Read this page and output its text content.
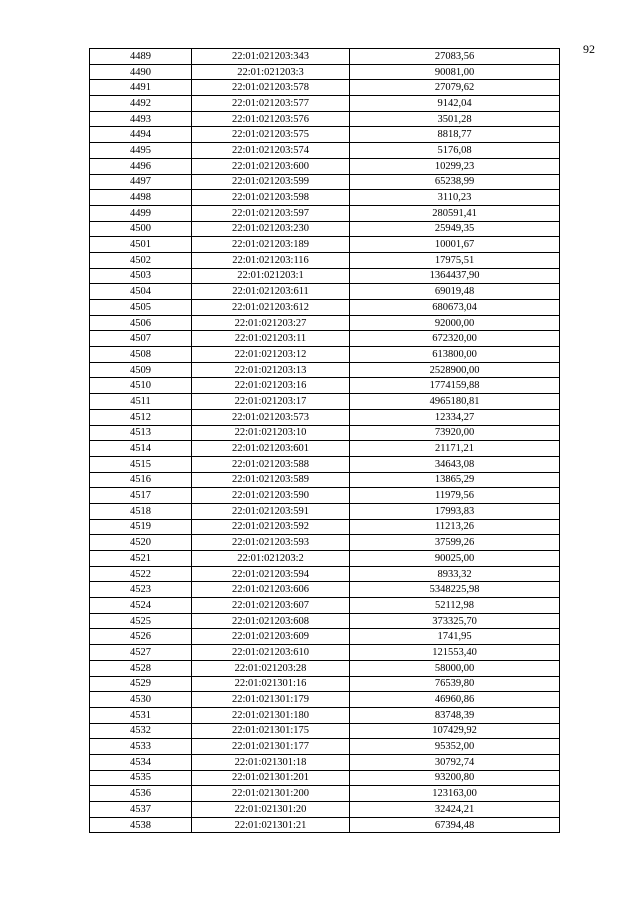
92
4489	22:01:021203:343	27083,56
4490	22:01:021203:3	90081,00
4491	22:01:021203:578	27079,62
4492	22:01:021203:577	9142,04
4493	22:01:021203:576	3501,28
4494	22:01:021203:575	8818,77
4495	22:01:021203:574	5176,08
4496	22:01:021203:600	10299,23
4497	22:01:021203:599	65238,99
4498	22:01:021203:598	3110,23
4499	22:01:021203:597	280591,41
4500	22:01:021203:230	25949,35
4501	22:01:021203:189	10001,67
4502	22:01:021203:116	17975,51
4503	22:01:021203:1	1364437,90
4504	22:01:021203:611	69019,48
4505	22:01:021203:612	680673,04
4506	22:01:021203:27	92000,00
4507	22:01:021203:11	672320,00
4508	22:01:021203:12	613800,00
4509	22:01:021203:13	2528900,00
4510	22:01:021203:16	1774159,88
4511	22:01:021203:17	4965180,81
4512	22:01:021203:573	12334,27
4513	22:01:021203:10	73920,00
4514	22:01:021203:601	21171,21
4515	22:01:021203:588	34643,08
4516	22:01:021203:589	13865,29
4517	22:01:021203:590	11979,56
4518	22:01:021203:591	17993,83
4519	22:01:021203:592	11213,26
4520	22:01:021203:593	37599,26
4521	22:01:021203:2	90025,00
4522	22:01:021203:594	8933,32
4523	22:01:021203:606	5348225,98
4524	22:01:021203:607	52112,98
4525	22:01:021203:608	373325,70
4526	22:01:021203:609	1741,95
4527	22:01:021203:610	121553,40
4528	22:01:021203:28	58000,00
4529	22:01:021301:16	76539,80
4530	22:01:021301:179	46960,86
4531	22:01:021301:180	83748,39
4532	22:01:021301:175	107429,92
4533	22:01:021301:177	95352,00
4534	22:01:021301:18	30792,74
4535	22:01:021301:201	93200,80
4536	22:01:021301:200	123163,00
4537	22:01:021301:20	32424,21
4538	22:01:021301:21	67394,48
